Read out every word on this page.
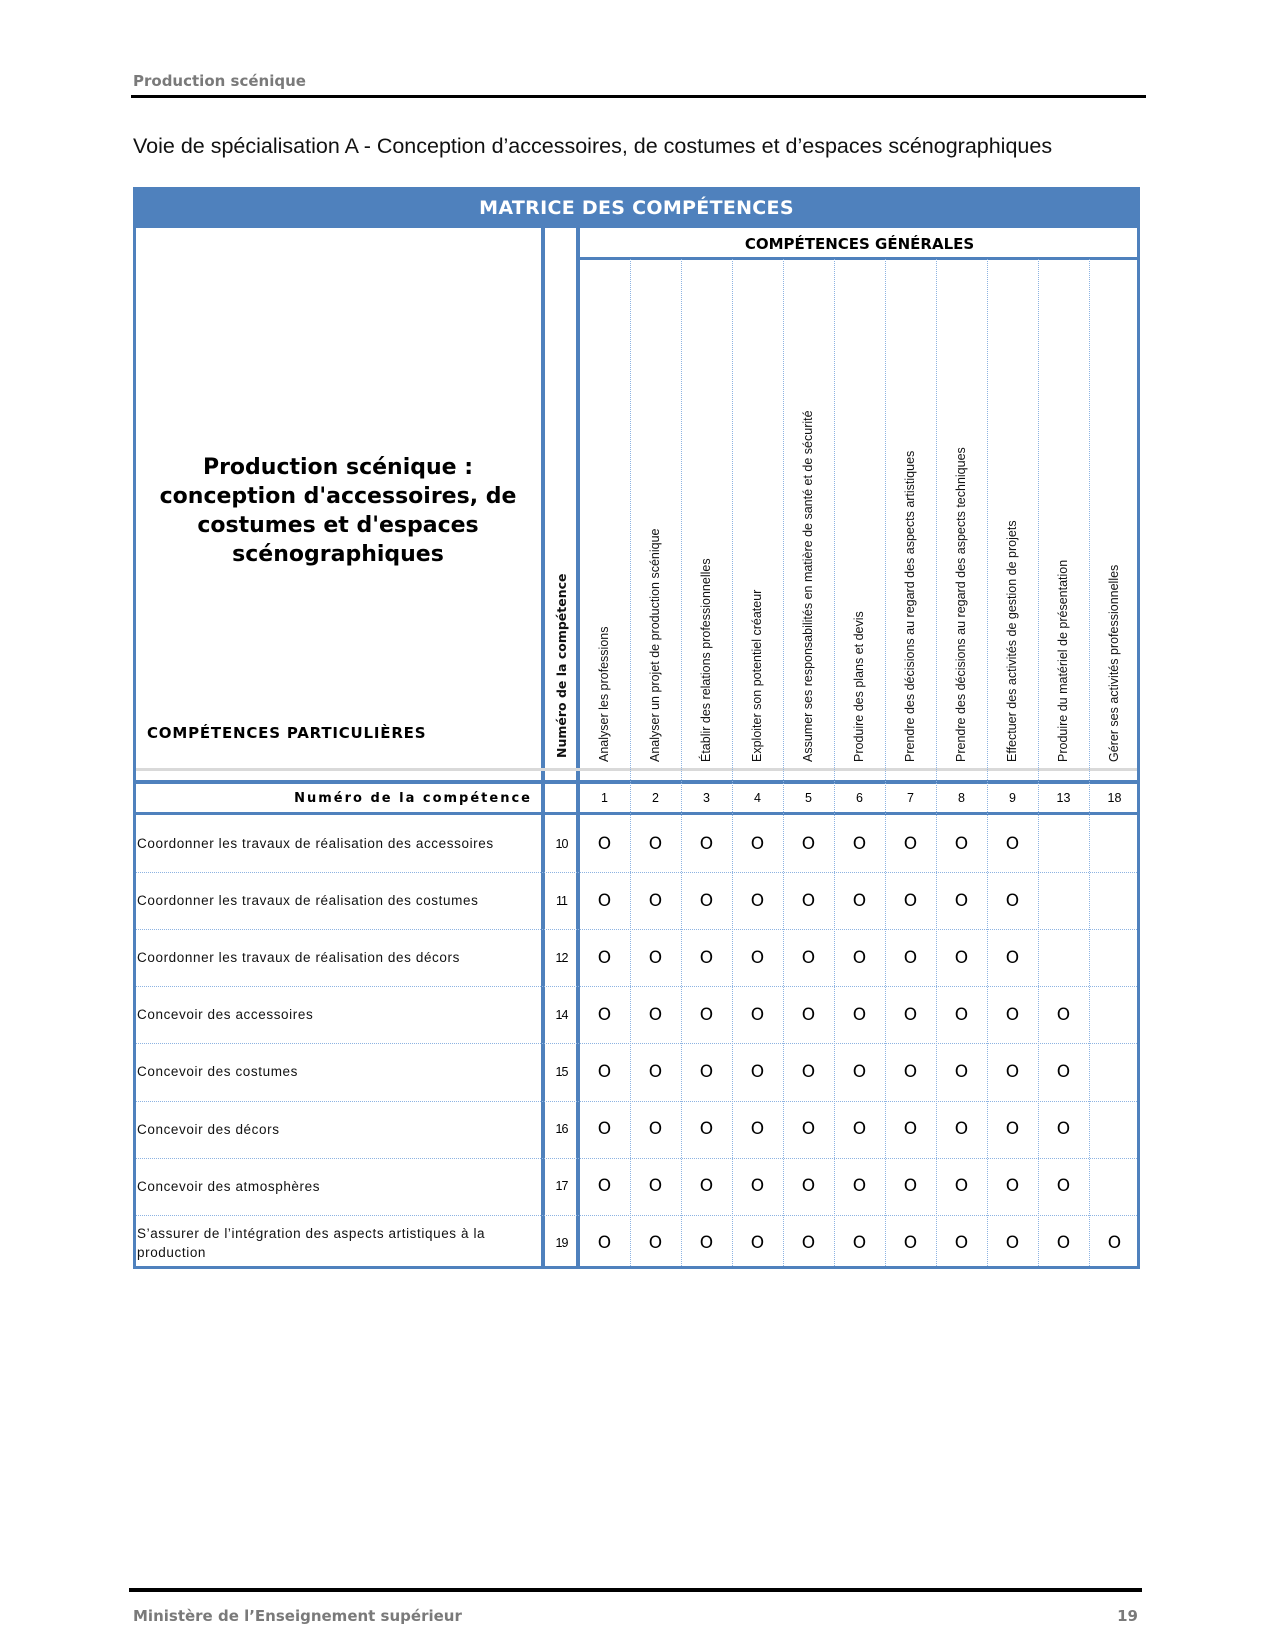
Production scénique
Voie de spécialisation A - Conception d’accessoires, de costumes et d’espaces scénographiques
MATRICE DES COMPÉTENCES
Production scénique : conception d'accessoires, de costumes et d'espaces scénographiques
COMPÉTENCES PARTICULIÈRES
COMPÉTENCES GÉNÉRALES
Numéro de la compétence
Numéro de la compétence
Analyser les professions
1
Analyser un projet de production scénique
2
Établir des relations professionnelles
3
Exploiter son potentiel créateur
4
Assumer ses responsabilités en matière de santé et de sécurité
5
Produire des plans et devis
6
Prendre des décisions au regard des aspects artistiques
7
Prendre des décisions au regard des aspects techniques
8
Effectuer des activités de gestion de projets
9
Produire du matériel de présentation
13
Gérer ses activités professionnelles
18
Coordonner les travaux de réalisation des accessoires	10	O	O	O	O	O	O	O	O	O
Coordonner les travaux de réalisation des costumes	11	O	O	O	O	O	O	O	O	O
Coordonner les travaux de réalisation des décors	12	O	O	O	O	O	O	O	O	O
Concevoir des accessoires	14	O	O	O	O	O	O	O	O	O	O
Concevoir des costumes	15	O	O	O	O	O	O	O	O	O	O
Concevoir des décors	16	O	O	O	O	O	O	O	O	O	O
Concevoir des atmosphères	17	O	O	O	O	O	O	O	O	O	O
S’assurer de l’intégration des aspects artistiques à la production
19	O	O	O	O	O	O	O	O	O	O	O
Ministère de l’Enseignement supérieur	19
